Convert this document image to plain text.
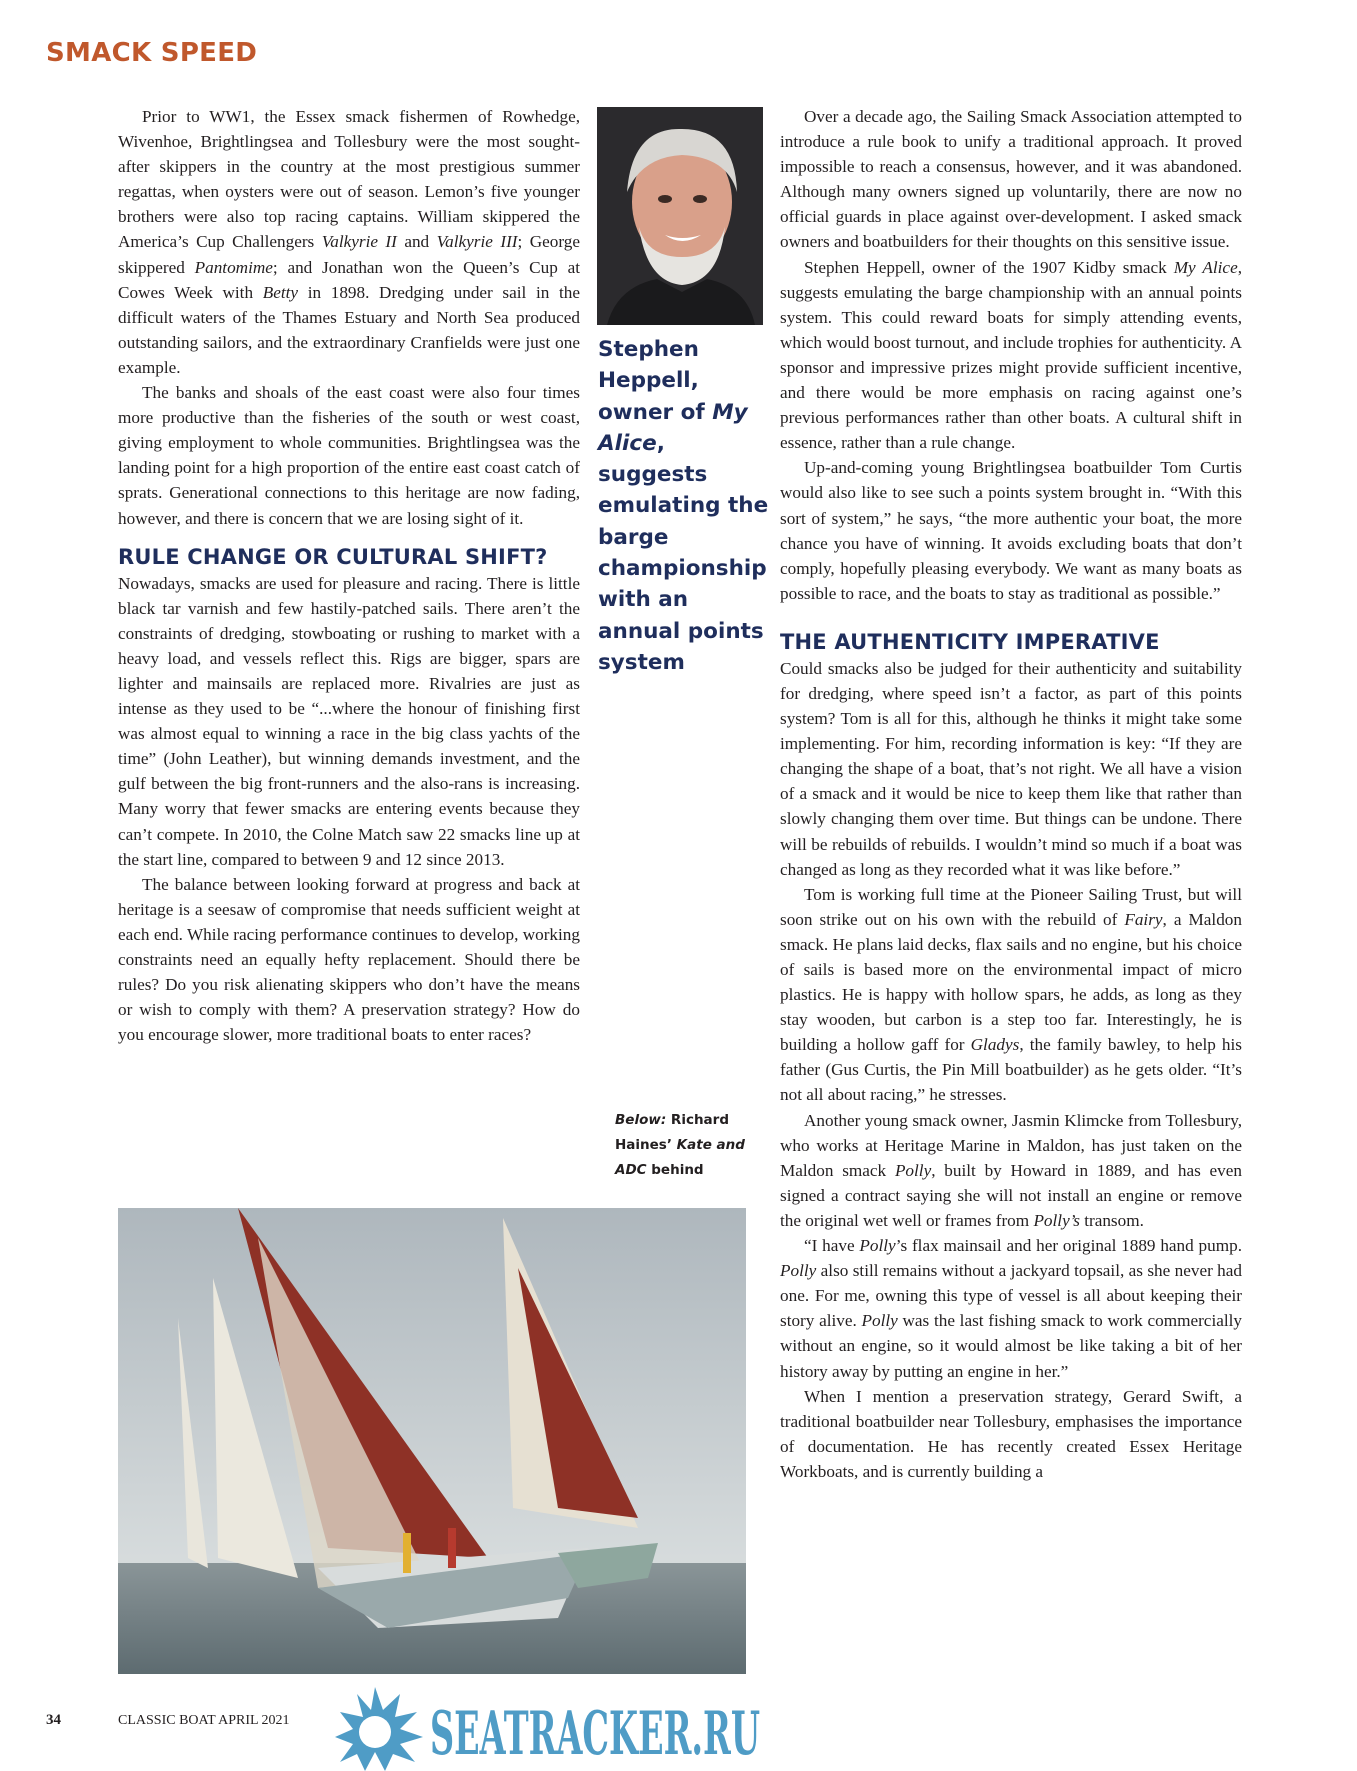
SMACK SPEED

Prior to WW1, the Essex smack fishermen of Rowhedge, Wivenhoe, Brightlingsea and Tollesbury were the most sought-after skippers in the country at the most prestigious summer regattas, when oysters were out of season. Lemon’s five younger brothers were also top racing captains. William skippered the America’s Cup Challengers Valkyrie II and Valkyrie III; George skippered Pantomime; and Jonathan won the Queen’s Cup at Cowes Week with Betty in 1898. Dredging under sail in the difficult waters of the Thames Estuary and North Sea produced outstanding sailors, and the extraordinary Cranfields were just one example.

The banks and shoals of the east coast were also four times more productive than the fisheries of the south or west coast, giving employment to whole communities. Brightlingsea was the landing point for a high proportion of the entire east coast catch of sprats. Generational connections to this heritage are now fading, however, and there is concern that we are losing sight of it.

RULE CHANGE OR CULTURAL SHIFT?

Nowadays, smacks are used for pleasure and racing. There is little black tar varnish and few hastily-patched sails. There aren’t the constraints of dredging, stowboating or rushing to market with a heavy load, and vessels reflect this. Rigs are bigger, spars are lighter and mainsails are replaced more. Rivalries are just as intense as they used to be “...where the honour of finishing first was almost equal to winning a race in the big class yachts of the time” (John Leather), but winning demands investment, and the gulf between the big front-runners and the also-rans is increasing. Many worry that fewer smacks are entering events because they can’t compete. In 2010, the Colne Match saw 22 smacks line up at the start line, compared to between 9 and 12 since 2013.

The balance between looking forward at progress and back at heritage is a seesaw of compromise that needs sufficient weight at each end. While racing performance continues to develop, working constraints need an equally hefty replacement. Should there be rules? Do you risk alienating skippers who don’t have the means or wish to comply with them? A preservation strategy? How do you encourage slower, more traditional boats to enter races?

Stephen Heppell, owner of My Alice, suggests emulating the barge championship with an annual points system
Below: Richard Haines’ Kate and ADC behind

Over a decade ago, the Sailing Smack Association attempted to introduce a rule book to unify a traditional approach. It proved impossible to reach a consensus, however, and it was abandoned. Although many owners signed up voluntarily, there are now no official guards in place against over-development. I asked smack owners and boatbuilders for their thoughts on this sensitive issue.

Stephen Heppell, owner of the 1907 Kidby smack My Alice, suggests emulating the barge championship with an annual points system. This could reward boats for simply attending events, which would boost turnout, and include trophies for authenticity. A sponsor and impressive prizes might provide sufficient incentive, and there would be more emphasis on racing against one’s previous performances rather than other boats. A cultural shift in essence, rather than a rule change.

Up-and-coming young Brightlingsea boatbuilder Tom Curtis would also like to see such a points system brought in. “With this sort of system,” he says, “the more authentic your boat, the more chance you have of winning. It avoids excluding boats that don’t comply, hopefully pleasing everybody. We want as many boats as possible to race, and the boats to stay as traditional as possible.”

THE AUTHENTICITY IMPERATIVE

Could smacks also be judged for their authenticity and suitability for dredging, where speed isn’t a factor, as part of this points system? Tom is all for this, although he thinks it might take some implementing. For him, recording information is key: “If they are changing the shape of a boat, that’s not right. We all have a vision of a smack and it would be nice to keep them like that rather than slowly changing them over time. But things can be undone. There will be rebuilds of rebuilds. I wouldn’t mind so much if a boat was changed as long as they recorded what it was like before.”

Tom is working full time at the Pioneer Sailing Trust, but will soon strike out on his own with the rebuild of Fairy, a Maldon smack. He plans laid decks, flax sails and no engine, but his choice of sails is based more on the environmental impact of micro plastics. He is happy with hollow spars, he adds, as long as they stay wooden, but carbon is a step too far. Interestingly, he is building a hollow gaff for Gladys, the family bawley, to help his father (Gus Curtis, the Pin Mill boatbuilder) as he gets older. “It’s not all about racing,” he stresses.

Another young smack owner, Jasmin Klimcke from Tollesbury, who works at Heritage Marine in Maldon, has just taken on the Maldon smack Polly, built by Howard in 1889, and has even signed a contract saying she will not install an engine or remove the original wet well or frames from Polly’s transom.

“I have Polly’s flax mainsail and her original 1889 hand pump. Polly also still remains without a jackyard topsail, as she never had one. For me, owning this type of vessel is all about keeping their story alive. Polly was the last fishing smack to work commercially without an engine, so it would almost be like taking a bit of her history away by putting an engine in her.”

When I mention a preservation strategy, Gerard Swift, a traditional boatbuilder near Tollesbury, emphasises the importance of documentation. He has recently created Essex Heritage Workboats, and is currently building a

34	CLASSIC BOAT APRIL 2021 SEATRACKER.RU
